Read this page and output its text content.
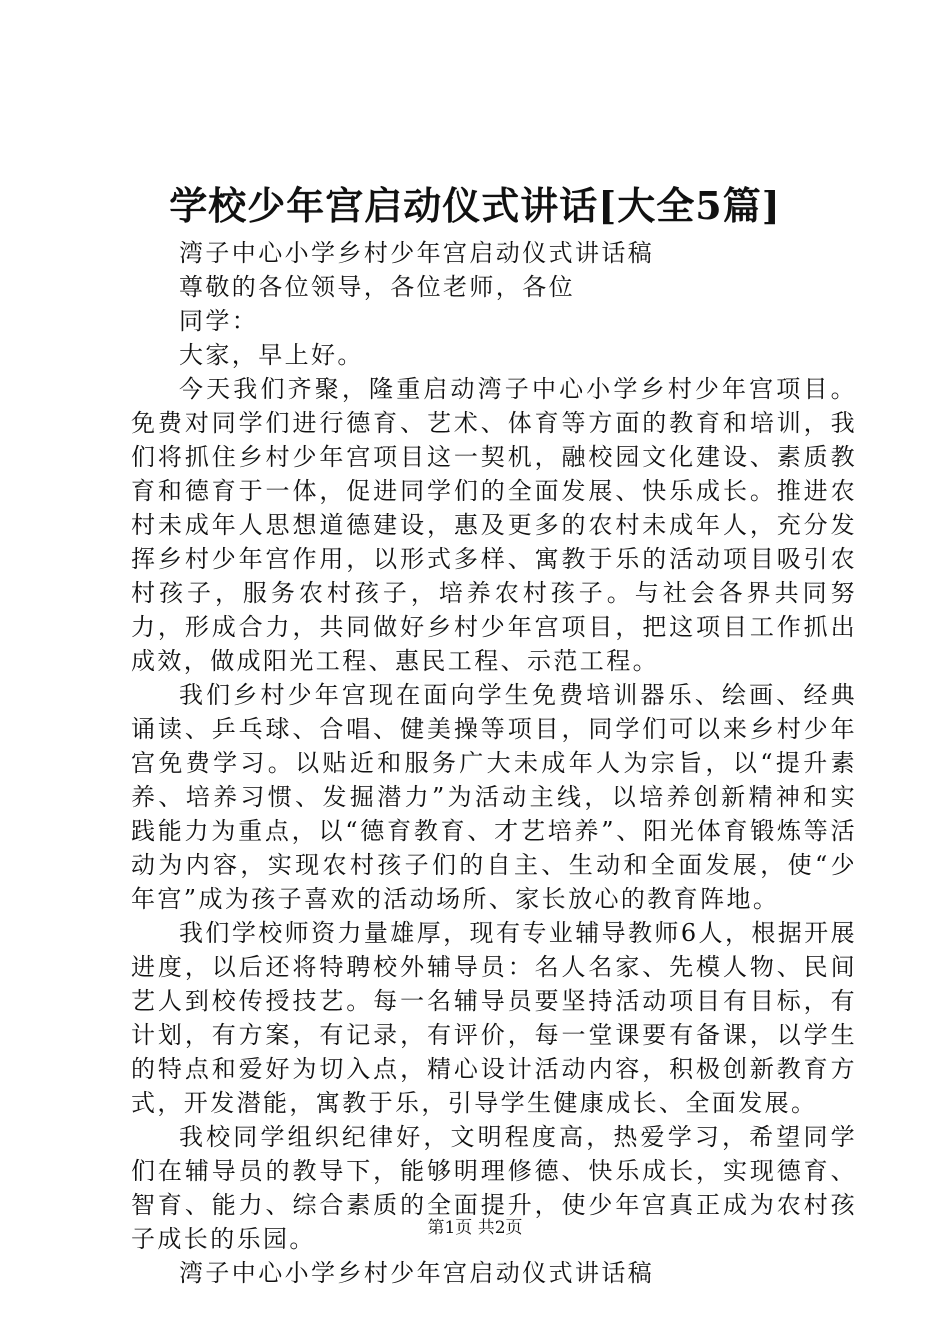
学校少年宫启动仪式讲话[大全5篇]
湾子中心小学乡村少年宫启动仪式讲话稿
尊敬的各位领导，各位老师，各位
同学：
大家，早上好。

今天我们齐聚，隆重启动湾子中心小学乡村少年宫项目。免费对同学们进行德育、艺术、体育等方面的教育和培训，我们将抓住乡村少年宫项目这一契机，融校园文化建设、素质教育和德育于一体，促进同学们的全面发展、快乐成长。推进农村未成年人思想道德建设，惠及更多的农村未成年人，充分发挥乡村少年宫作用，以形式多样、寓教于乐的活动项目吸引农村孩子，服务农村孩子，培养农村孩子。与社会各界共同努力，形成合力，共同做好乡村少年宫项目，把这项目工作抓出成效，做成阳光工程、惠民工程、示范工程。

我们乡村少年宫现在面向学生免费培训器乐、绘画、经典诵读、乒乓球、合唱、健美操等项目，同学们可以来乡村少年宫免费学习。以贴近和服务广大未成年人为宗旨，以“提升素养、培养习惯、发掘潜力”为活动主线，以培养创新精神和实践能力为重点，以“德育教育、才艺培养”、阳光体育锻炼等活动为内容，实现农村孩子们的自主、生动和全面发展，使“少年宫”成为孩子喜欢的活动场所、家长放心的教育阵地。

我们学校师资力量雄厚，现有专业辅导教师6人，根据开展进度，以后还将特聘校外辅导员：名人名家、先模人物、民间艺人到校传授技艺。每一名辅导员要坚持活动项目有目标，有计划，有方案，有记录，有评价，每一堂课要有备课，以学生的特点和爱好为切入点，精心设计活动内容，积极创新教育方式，开发潜能，寓教于乐，引导学生健康成长、全面发展。

我校同学组织纪律好，文明程度高，热爱学习，希望同学们在辅导员的教导下，能够明理修德、快乐成长，实现德育、智育、能力、综合素质的全面提升，使少年宫真正成为农村孩子成长的乐园。

湾子中心小学乡村少年宫启动仪式讲话稿
第1页 共2页
